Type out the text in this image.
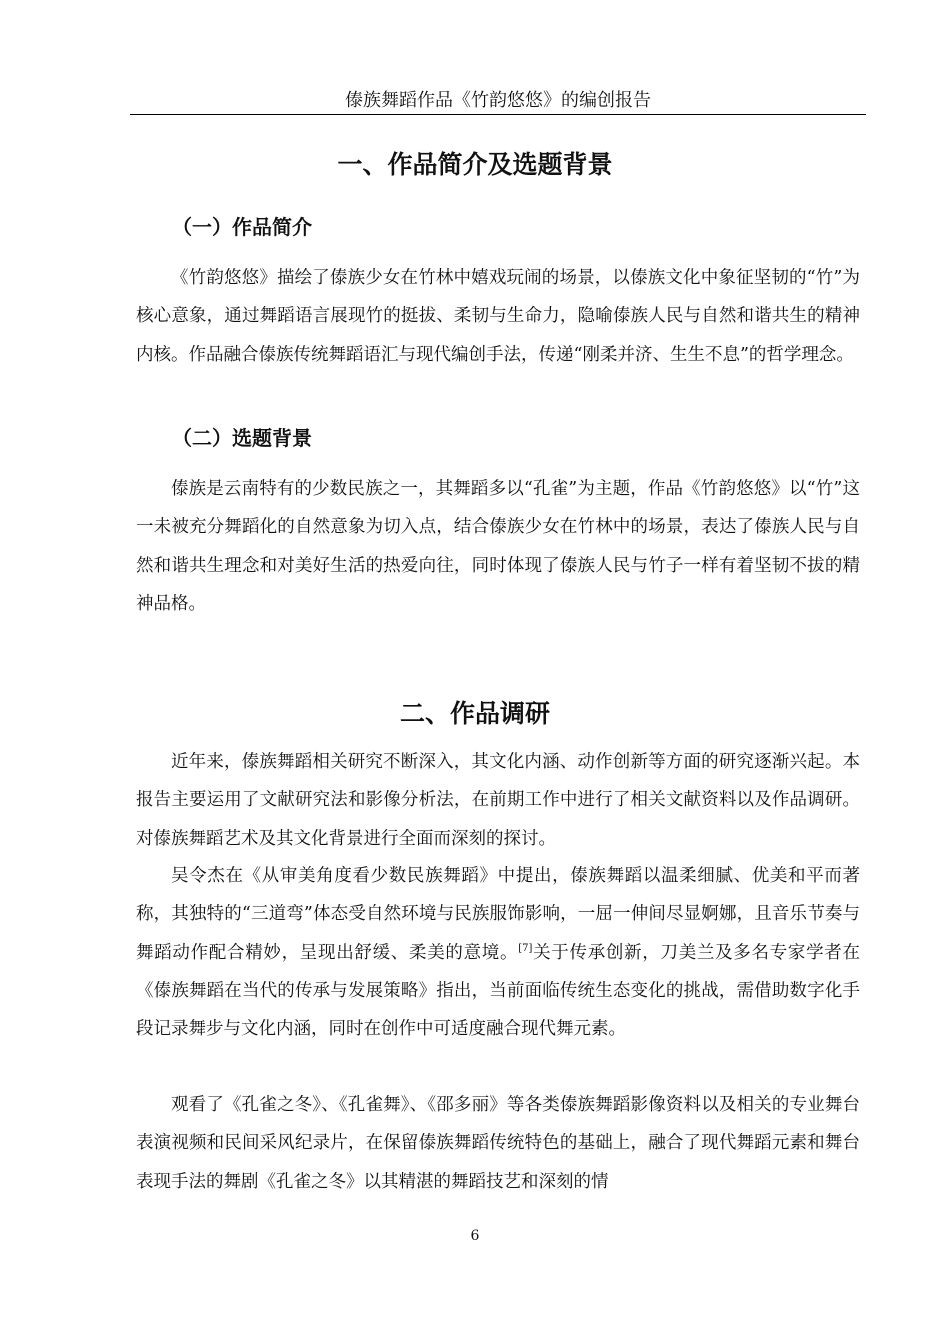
傣族舞蹈作品《竹韵悠悠》的编创报告
一、作品简介及选题背景
（一）作品简介

《竹韵悠悠》描绘了傣族少女在竹林中嬉戏玩闹的场景，以傣族文化中象征坚韧的“竹”为核心意象，通过舞蹈语言展现竹的挺拔、柔韧与生命力，隐喻傣族人民与自然和谐共生的精神内核。作品融合傣族传统舞蹈语汇与现代编创手法，传递“刚柔并济、生生不息”的哲学理念。

（二）选题背景

傣族是云南特有的少数民族之一，其舞蹈多以“孔雀”为主题，作品《竹韵悠悠》以“竹”这一未被充分舞蹈化的自然意象为切入点，结合傣族少女在竹林中的场景，表达了傣族人民与自然和谐共生理念和对美好生活的热爱向往，同时体现了傣族人民与竹子一样有着坚韧不拔的精神品格。

二、作品调研

近年来，傣族舞蹈相关研究不断深入，其文化内涵、动作创新等方面的研究逐渐兴起。本报告主要运用了文献研究法和影像分析法，在前期工作中进行了相关文献资料以及作品调研。对傣族舞蹈艺术及其文化背景进行全面而深刻的探讨。

吴令杰在《从审美角度看少数民族舞蹈》中提出，傣族舞蹈以温柔细腻、优美和平而著称，其独特的“三道弯”体态受自然环境与民族服饰影响，一屈一伸间尽显婀娜，且音乐节奏与舞蹈动作配合精妙，呈现出舒缓、柔美的意境。[7]关于传承创新，刀美兰及多名专家学者在《傣族舞蹈在当代的传承与发展策略》指出，当前面临传统生态变化的挑战，需借助数字化手段记录舞步与文化内涵，同时在创作中可适度融合现代舞元素。

观看了《孔雀之冬》、《孔雀舞》、《邵多丽》等各类傣族舞蹈影像资料以及相关的专业舞台表演视频和民间采风纪录片，在保留傣族舞蹈传统特色的基础上，融合了现代舞蹈元素和舞台表现手法的舞剧《孔雀之冬》以其精湛的舞蹈技艺和深刻的情

6
